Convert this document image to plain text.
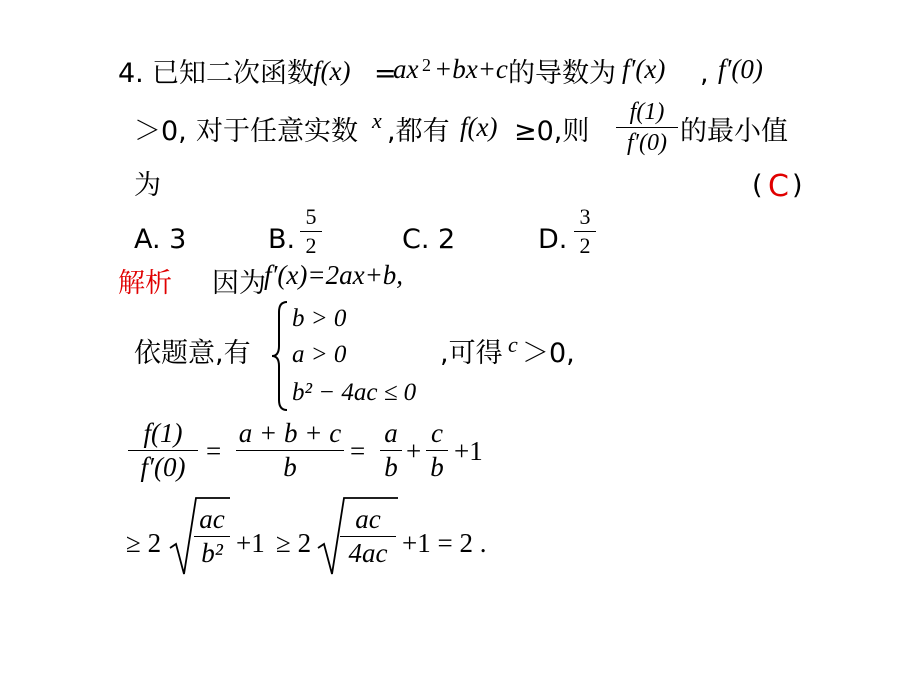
4. 已知二次函数 f(x) =
ax 2 +bx+c 的导数为 f′(x) , f′(0)
＞0, 对于任意实数 x ,都有 f(x) ≥0,则
f(1)
f′(0) 的最小值
为	( C )
A. 3	B.
5
2	C. 2	D.
3
2
解析 因为
f′(x)=2ax+b,
依题意,有
b > 0
a > 0
b² − 4ac ≤ 0
,可得 c ＞0,
f(1)
f′(0)
=
a + b + c
b
=
a
b
+
c
b
+1
≥ 2
ac
b² +1 ≥ 2
ac
4ac +1 = 2 .
